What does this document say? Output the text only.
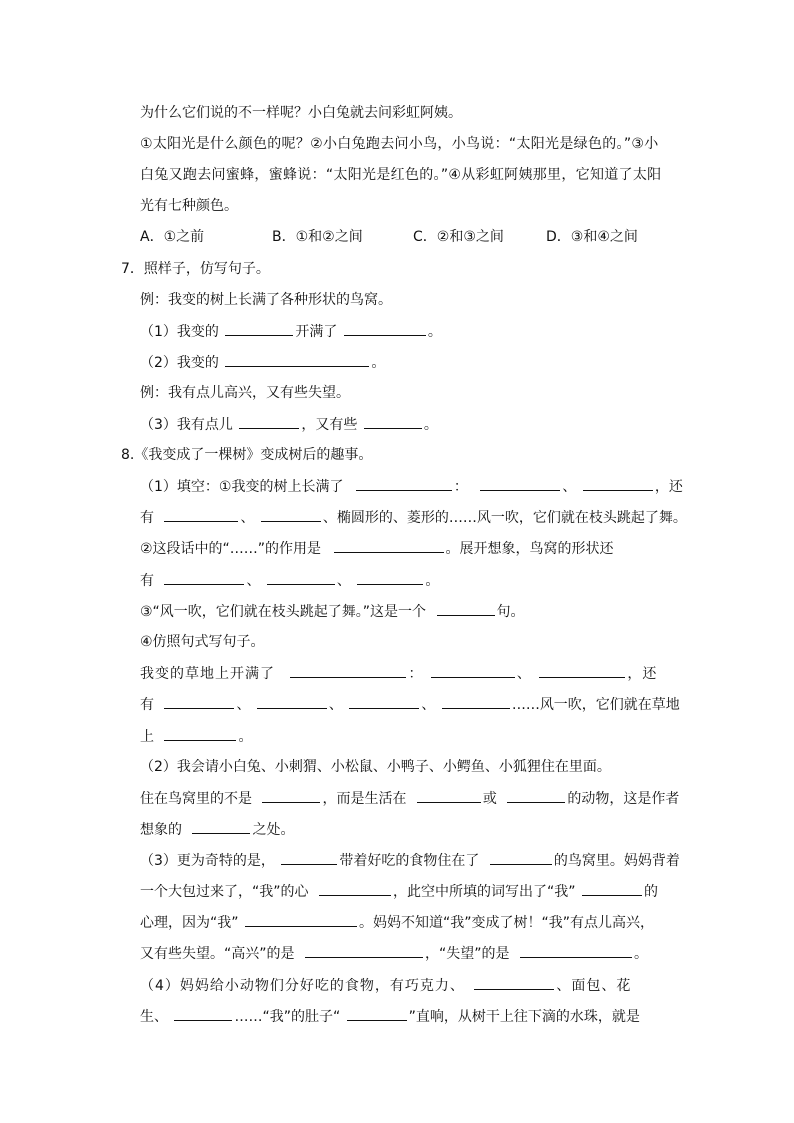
为什么它们说的不一样呢？小白兔就去问彩虹阿姨。
①太阳光是什么颜色的呢？②小白兔跑去问小鸟，小鸟说：“太阳光是绿色的。”③小
白兔又跑去问蜜蜂，蜜蜂说：“太阳光是红色的。”④从彩虹阿姨那里，它知道了太阳
光有七种颜色。
A．①之前	B．①和②之间	C．②和③之间	D．③和④之间
7．照样子，仿写句子。
例：我变的树上长满了各种形状的鸟窝。
（1）我变的	开满了	。
（2）我变的	。
例：我有点儿高兴，又有些失望。
（3）我有点儿	，又有些	。
8.《我变成了一棵树》变成树后的趣事。
（1）填空：①我变的树上长满了	：	、	，还
有	、	、椭圆形的、菱形的……风一吹，它们就在枝头跳起了舞。
②这段话中的“……”的作用是	。展开想象，鸟窝的形状还
有	、	、	。
③“风一吹，它们就在枝头跳起了舞。”这是一个	句。
④仿照句式写句子。
我变的草地上开满了	：	、	，还
有	、	、	、	……风一吹，它们就在草地
上	。
（2）我会请小白兔、小刺猬、小松鼠、小鸭子、小鳄鱼、小狐狸住在里面。
住在鸟窝里的不是	，而是生活在	或	的动物，这是作者
想象的	之处。
（3）更为奇特的是，	带着好吃的食物住在了	的鸟窝里。妈妈背着
一个大包过来了，“我”的心	，此空中所填的词写出了“我”	的
心理，因为“我”	。妈妈不知道“我”变成了树！“我”有点儿高兴，
又有些失望。“高兴”的是	，“失望”的是	。
（4）妈妈给小动物们分好吃的食物，有巧克力、	、面包、花
生、	……“我”的肚子“	”直响，从树干上往下滴的水珠，就是
